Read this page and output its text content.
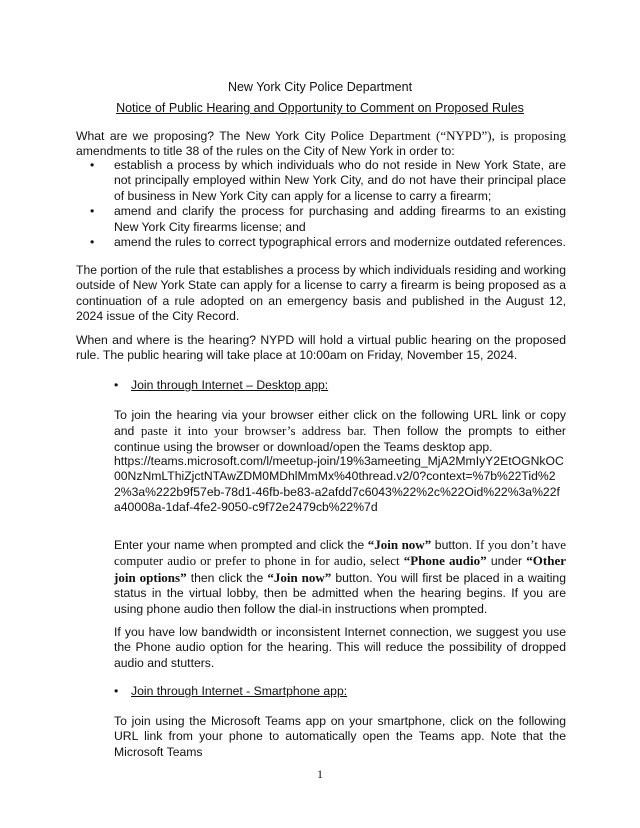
New York City Police Department
Notice of Public Hearing and Opportunity to Comment on Proposed Rules
What are we proposing? The New York City Police Department (“NYPD”), is proposing amendments to title 38 of the rules on the City of New York in order to:
• establish a process by which individuals who do not reside in New York State, are not principally employed within New York City, and do not have their principal place of business in New York City can apply for a license to carry a firearm;
• amend and clarify the process for purchasing and adding firearms to an existing New York City firearms license; and
• amend the rules to correct typographical errors and modernize outdated references.
The portion of the rule that establishes a process by which individuals residing and working outside of New York State can apply for a license to carry a firearm is being proposed as a continuation of a rule adopted on an emergency basis and published in the August 12, 2024 issue of the City Record.
When and where is the hearing? NYPD will hold a virtual public hearing on the proposed rule. The public hearing will take place at 10:00am on Friday, November 15, 2024.
• Join through Internet – Desktop app:
To join the hearing via your browser either click on the following URL link or copy and paste it into your browser’s address bar. Then follow the prompts to either continue using the browser or download/open the Teams desktop app.
https://teams.microsoft.com/l/meetup-join/19%3ameeting_MjA2MmIyY2EtOGNkOC00NzNmLThiZjctNTAwZDM0MDhlMmMx%40thread.v2/0?context=%7b%22Tid%22%3a%222b9f57eb-78d1-46fb-be83-a2afdd7c6043%22%2c%22Oid%22%3a%22fa40008a-1daf-4fe2-9050-c9f72e2479cb%22%7d
Enter your name when prompted and click the “Join now” button. If you don’t have computer audio or prefer to phone in for audio, select “Phone audio” under “Other join options” then click the “Join now” button. You will first be placed in a waiting status in the virtual lobby, then be admitted when the hearing begins. If you are using phone audio then follow the dial-in instructions when prompted.
If you have low bandwidth or inconsistent Internet connection, we suggest you use the Phone audio option for the hearing. This will reduce the possibility of dropped audio and stutters.
• Join through Internet - Smartphone app:
To join using the Microsoft Teams app on your smartphone, click on the following URL link from your phone to automatically open the Teams app. Note that the Microsoft Teams
1
